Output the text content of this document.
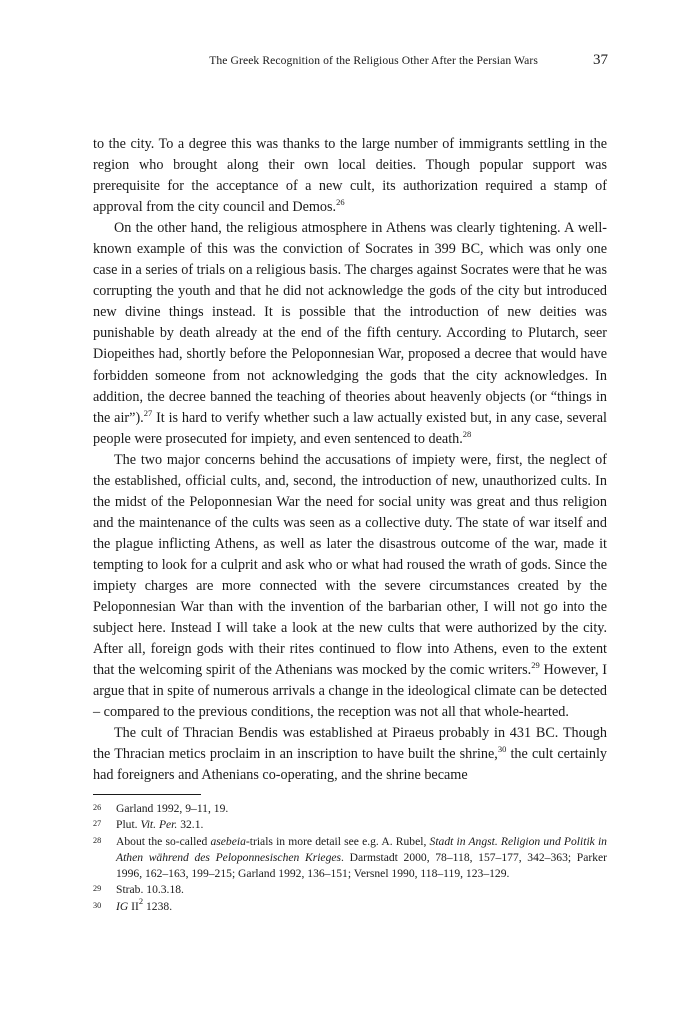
The Greek Recognition of the Religious Other After the Persian Wars	37

to the city. To a degree this was thanks to the large number of immigrants settling in the region who brought along their own local deities. Though popular support was prerequisite for the acceptance of a new cult, its authorization required a stamp of approval from the city council and Demos.$^{26}$

On the other hand, the religious atmosphere in Athens was clearly tightening. A well-known example of this was the conviction of Socrates in 399 BC, which was only one case in a series of trials on a religious basis. The charges against Socrates were that he was corrupting the youth and that he did not acknowledge the gods of the city but introduced new divine things instead. It is possible that the introduction of new deities was punishable by death already at the end of the fifth century. According to Plutarch, seer Diopeithes had, shortly before the Peloponnesian War, proposed a decree that would have forbidden someone from not acknowledging the gods that the city acknowledges. In addition, the decree banned the teaching of theories about heavenly objects (or “things in the air”).$^{27}$ It is hard to verify whether such a law actually existed but, in any case, several people were prosecuted for impiety, and even sentenced to death.$^{28}$

The two major concerns behind the accusations of impiety were, first, the neglect of the established, official cults, and, second, the introduction of new, unauthorized cults. In the midst of the Peloponnesian War the need for social unity was great and thus religion and the maintenance of the cults was seen as a collective duty. The state of war itself and the plague inflicting Athens, as well as later the disastrous outcome of the war, made it tempting to look for a culprit and ask who or what had roused the wrath of gods. Since the impiety charges are more connected with the severe circumstances created by the Peloponnesian War than with the invention of the barbarian other, I will not go into the subject here. Instead I will take a look at the new cults that were authorized by the city. After all, foreign gods with their rites continued to flow into Athens, even to the extent that the welcoming spirit of the Athenians was mocked by the comic writers.$^{29}$ However, I argue that in spite of numerous arrivals a change in the ideological climate can be detected – compared to the previous conditions, the reception was not all that whole-hearted.

The cult of Thracian Bendis was established at Piraeus probably in 431 BC. Though the Thracian metics proclaim in an inscription to have built the shrine,$^{30}$ the cult certainly had foreigners and Athenians co-operating, and the shrine became

26 Garland 1992, 9–11, 19.
27 Plut. Vit. Per. 32.1.
28 About the so-called asebeia-trials in more detail see e.g. A. Rubel, Stadt in Angst. Religion und Politik in Athen während des Peloponnesischen Krieges. Darmstadt 2000, 78–118, 157–177, 342–363; Parker 1996, 162–163, 199–215; Garland 1992, 136–151; Versnel 1990, 118–119, 123–129.
29 Strab. 10.3.18.
30 IG $II^2$ 1238.
